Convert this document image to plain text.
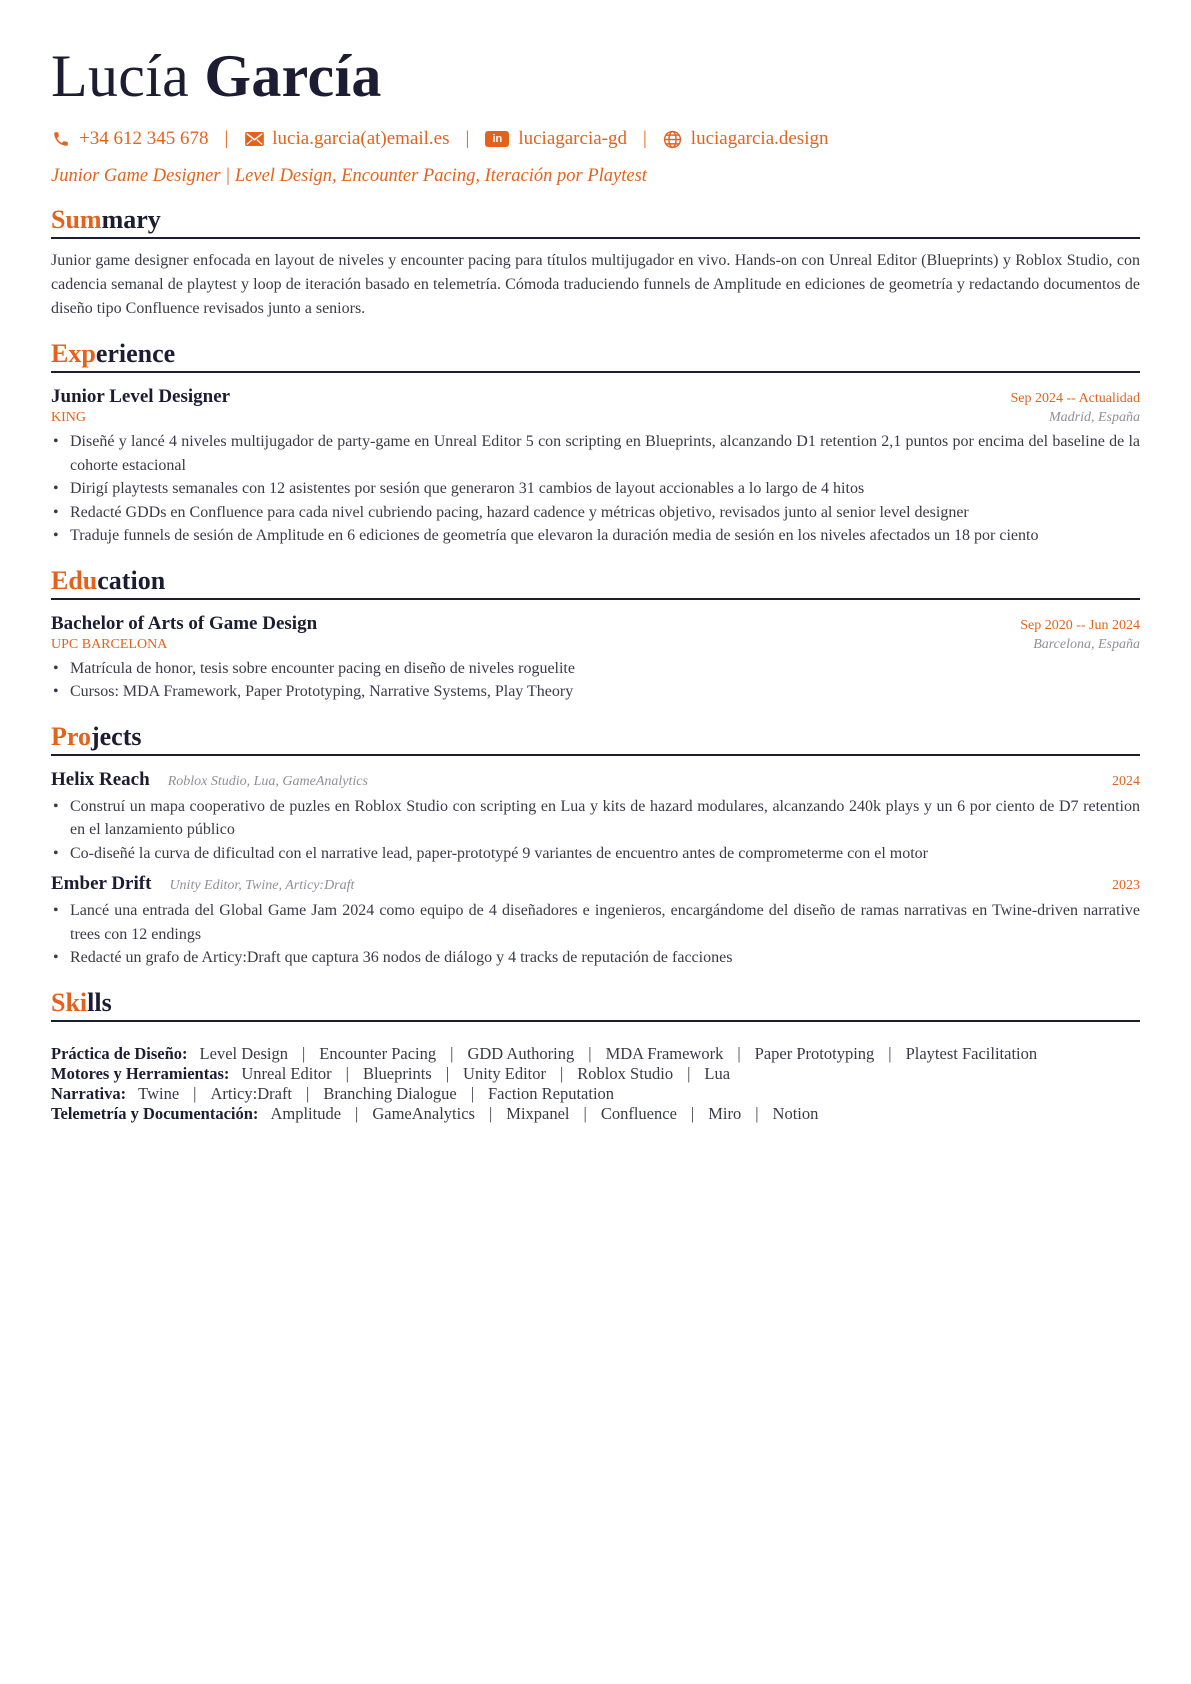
Lucía García
+34 612 345 678 | lucia.garcia(at)email.es |	in luciagarcia-gd | luciagarcia.design
Junior Game Designer | Level Design, Encounter Pacing, Iteración por Playtest
Summary
Junior game designer enfocada en layout de niveles y encounter pacing para títulos multijugador en vivo. Hands-on con Unreal Editor (Blueprints) y Roblox Studio, con cadencia semanal de playtest y loop de iteración basado en telemetría. Cómoda traduciendo funnels de Amplitude en ediciones de geometría y redactando documentos de diseño tipo Confluence revisados junto a seniors.
Experience
Junior Level Designer	Sep 2024 -- Actualidad
KING	Madrid, España
• Diseñé y lancé 4 niveles multijugador de party-game en Unreal Editor 5 con scripting en Blueprints, alcanzando D1 retention 2,1 puntos por encima del baseline de la cohorte estacional
• Dirigí playtests semanales con 12 asistentes por sesión que generaron 31 cambios de layout accionables a lo largo de 4 hitos
• Redacté GDDs en Confluence para cada nivel cubriendo pacing, hazard cadence y métricas objetivo, revisados junto al senior level designer
• Traduje funnels de sesión de Amplitude en 6 ediciones de geometría que elevaron la duración media de sesión en los niveles afectados un 18 por ciento
Education
Bachelor of Arts of Game Design	Sep 2020 -- Jun 2024
UPC BARCELONA	Barcelona, España
• Matrícula de honor, tesis sobre encounter pacing en diseño de niveles roguelite
• Cursos: MDA Framework, Paper Prototyping, Narrative Systems, Play Theory
Projects
Helix Reach Roblox Studio, Lua, GameAnalytics	2024
• Construí un mapa cooperativo de puzles en Roblox Studio con scripting en Lua y kits de hazard modulares, alcanzando 240k plays y un 6 por ciento de D7 retention en el lanzamiento público
• Co-diseñé la curva de dificultad con el narrative lead, paper-prototypé 9 variantes de encuentro antes de comprometerme con el motor
Ember Drift Unity Editor, Twine, Articy:Draft	2023
• Lancé una entrada del Global Game Jam 2024 como equipo de 4 diseñadores e ingenieros, encargándome del diseño de ramas narrativas en Twine-driven narrative trees con 12 endings
• Redacté un grafo de Articy:Draft que captura 36 nodos de diálogo y 4 tracks de reputación de facciones
Skills
Práctica de Diseño: Level Design | Encounter Pacing | GDD Authoring | MDA Framework | Paper Prototyping | Playtest Facilitation
Motores y Herramientas: Unreal Editor | Blueprints | Unity Editor | Roblox Studio | Lua
Narrativa: Twine | Articy:Draft | Branching Dialogue | Faction Reputation
Telemetría y Documentación: Amplitude | GameAnalytics | Mixpanel | Confluence | Miro | Notion
